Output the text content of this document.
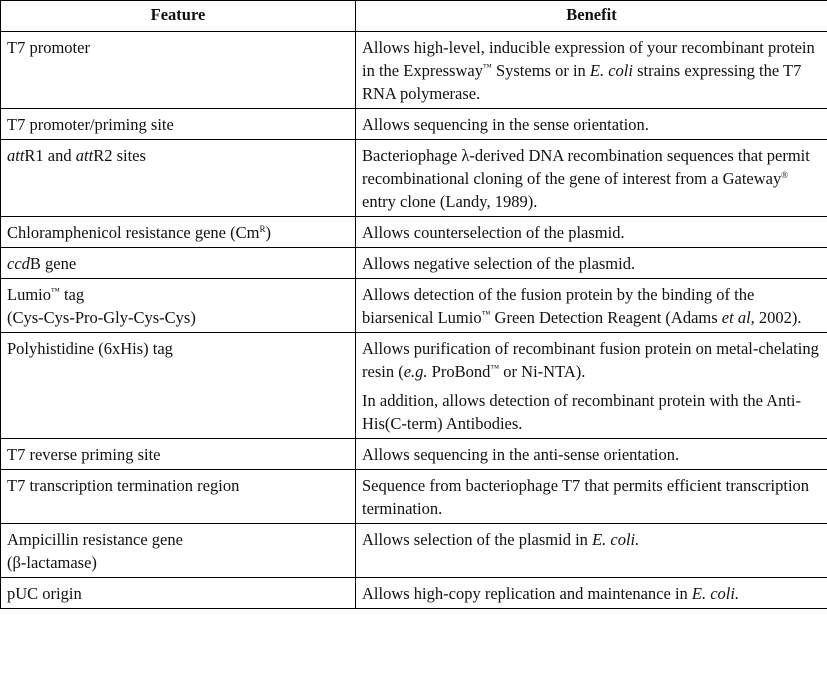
Feature	Benefit
T7 promoter	Allows high-level, inducible expression of your recombinant protein in the Expressway™ Systems or in E. coli strains expressing the T7 RNA polymerase.

T7 promoter/priming site	Allows sequencing in the sense orientation.

attR1 and attR2 sites	Bacteriophage λ-derived DNA recombination sequences that permit recombinational cloning of the gene of interest from a Gateway® entry clone (Landy, 1989).

Chloramphenicol resistance gene $(Cm^R)$	Allows counterselection of the plasmid.

ccdB gene	Allows negative selection of the plasmid.

Lumio™ tag
(Cys-Cys-Pro-Gly-Cys-Cys)	Allows detection of the fusion protein by the binding of the biarsenical Lumio™ Green Detection Reagent (Adams et al, 2002).

Polyhistidine (6xHis) tag	Allows purification of recombinant fusion protein on metal-chelating resin (e.g. ProBond™ or Ni-NTA).

In addition, allows detection of recombinant protein with the Anti-His(C-term) Antibodies.

T7 reverse priming site	Allows sequencing in the anti-sense orientation.

T7 transcription termination region	Sequence from bacteriophage T7 that permits efficient transcription termination.

Ampicillin resistance gene
(β-lactamase)	Allows selection of the plasmid in E. coli.

pUC origin	Allows high-copy replication and maintenance in E. coli.
